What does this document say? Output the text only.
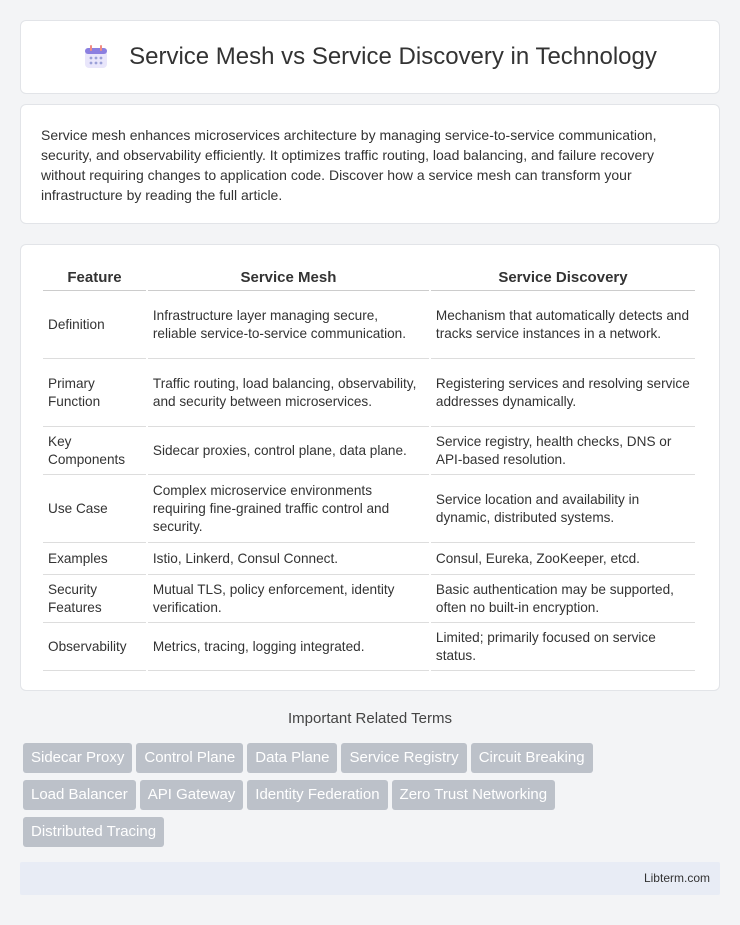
Service Mesh vs Service Discovery in Technology

Service mesh enhances microservices architecture by managing service-to-service communication, security, and observability efficiently. It optimizes traffic routing, load balancing, and failure recovery without requiring changes to application code. Discover how a service mesh can transform your infrastructure by reading the full article.

Feature	Service Mesh	Service Discovery
Definition	Infrastructure layer managing secure, reliable service-to-service communication.	Mechanism that automatically detects and tracks service instances in a network.
Primary Function	Traffic routing, load balancing, observability, and security between microservices.	Registering services and resolving service addresses dynamically.
Key Components	Sidecar proxies, control plane, data plane.	Service registry, health checks, DNS or API-based resolution.
Use Case	Complex microservice environments requiring fine-grained traffic control and security.	Service location and availability in dynamic, distributed systems.
Examples	Istio, Linkerd, Consul Connect.	Consul, Eureka, ZooKeeper, etcd.
Security Features	Mutual TLS, policy enforcement, identity verification.	Basic authentication may be supported, often no built-in encryption.
Observability	Metrics, tracing, logging integrated.	Limited; primarily focused on service status.
Important Related Terms
Sidecar Proxy Control Plane Data Plane Service Registry Circuit Breaking
Load Balancer API Gateway Identity Federation Zero Trust Networking
Distributed Tracing
Libterm.com
